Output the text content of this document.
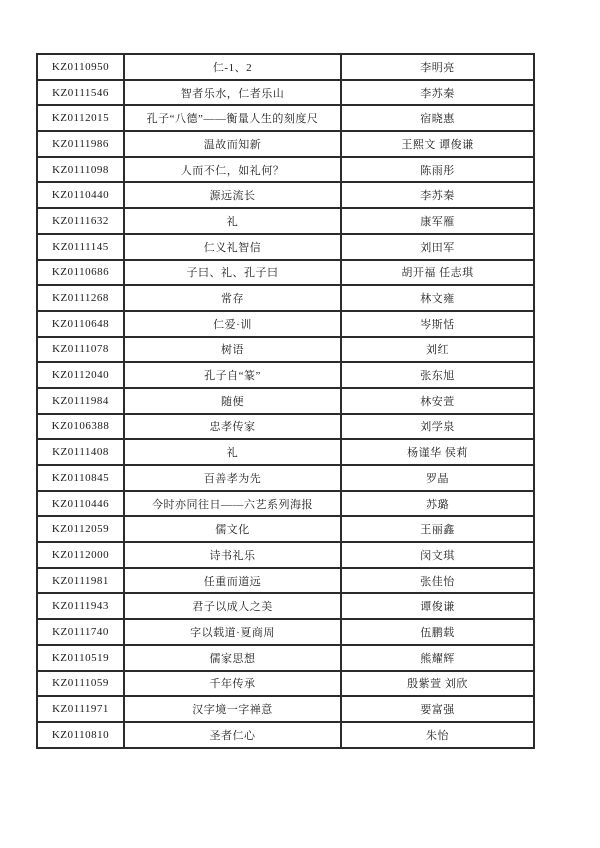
KZ0110950	仁-1、2	李明亮
KZ0111546	智者乐水，仁者乐山	李苏秦
KZ0112015	孔子“八德”——衡量人生的刻度尺	宿晓惠
KZ0111986	温故而知新	王熙文 谭俊谦
KZ0111098	人而不仁，如礼何？	陈雨彤
KZ0110440	源远流长	李苏秦
KZ0111632	礼	康军雁
KZ0111145	仁义礼智信	刘田军
KZ0110686	子曰、礼、孔子曰	胡开福 任志琪
KZ0111268	常存	林文雍
KZ0110648	仁爱·训	岑斯恬
KZ0111078	树语	刘红
KZ0112040	孔子自“篆”	张东旭
KZ0111984	随便	林安萱
KZ0106388	忠孝传家	刘学泉
KZ0111408	礼	杨谨华 侯莉
KZ0110845	百善孝为先	罗晶
KZ0110446	今时亦同往日——六艺系列海报	苏璐
KZ0112059	儒文化	王丽鑫
KZ0112000	诗书礼乐	闵文琪
KZ0111981	任重而道远	张佳怡
KZ0111943	君子以成人之美	谭俊谦
KZ0111740	字以载道·夏商周	伍鹏载
KZ0110519	儒家思想	熊耀辉
KZ0111059	千年传承	殷紫萱 刘欣
KZ0111971	汉字境一字禅意	要富强
KZ0110810	圣者仁心	朱怡
